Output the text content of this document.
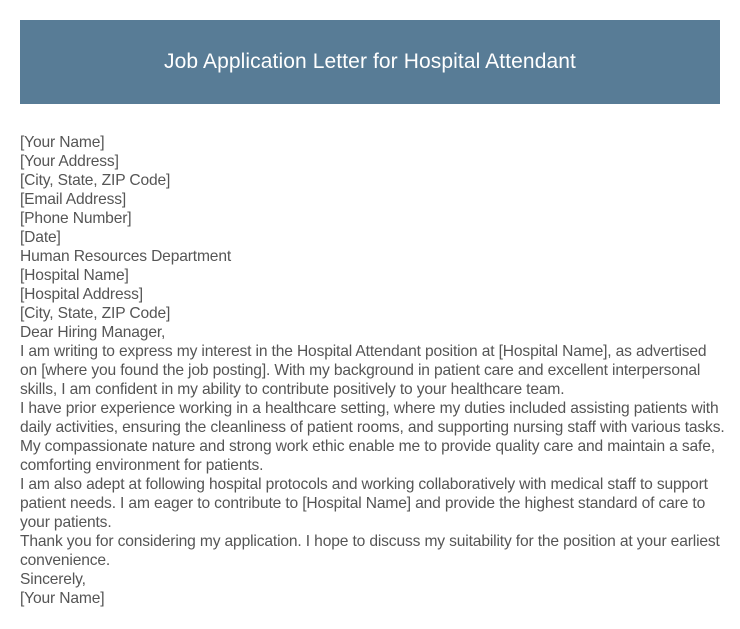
Job Application Letter for Hospital Attendant
[Your Name]
[Your Address]
[City, State, ZIP Code]
[Email Address]
[Phone Number]
[Date]
Human Resources Department
[Hospital Name]
[Hospital Address]
[City, State, ZIP Code]
Dear Hiring Manager,

I am writing to express my interest in the Hospital Attendant position at [Hospital Name], as advertised on [where you found the job posting]. With my background in patient care and excellent interpersonal skills, I am confident in my ability to contribute positively to your healthcare team.

I have prior experience working in a healthcare setting, where my duties included assisting patients with daily activities, ensuring the cleanliness of patient rooms, and supporting nursing staff with various tasks. My compassionate nature and strong work ethic enable me to provide quality care and maintain a safe, comforting environment for patients.

I am also adept at following hospital protocols and working collaboratively with medical staff to support patient needs. I am eager to contribute to [Hospital Name] and provide the highest standard of care to your patients.

Thank you for considering my application. I hope to discuss my suitability for the position at your earliest convenience.

Sincerely,
[Your Name]
